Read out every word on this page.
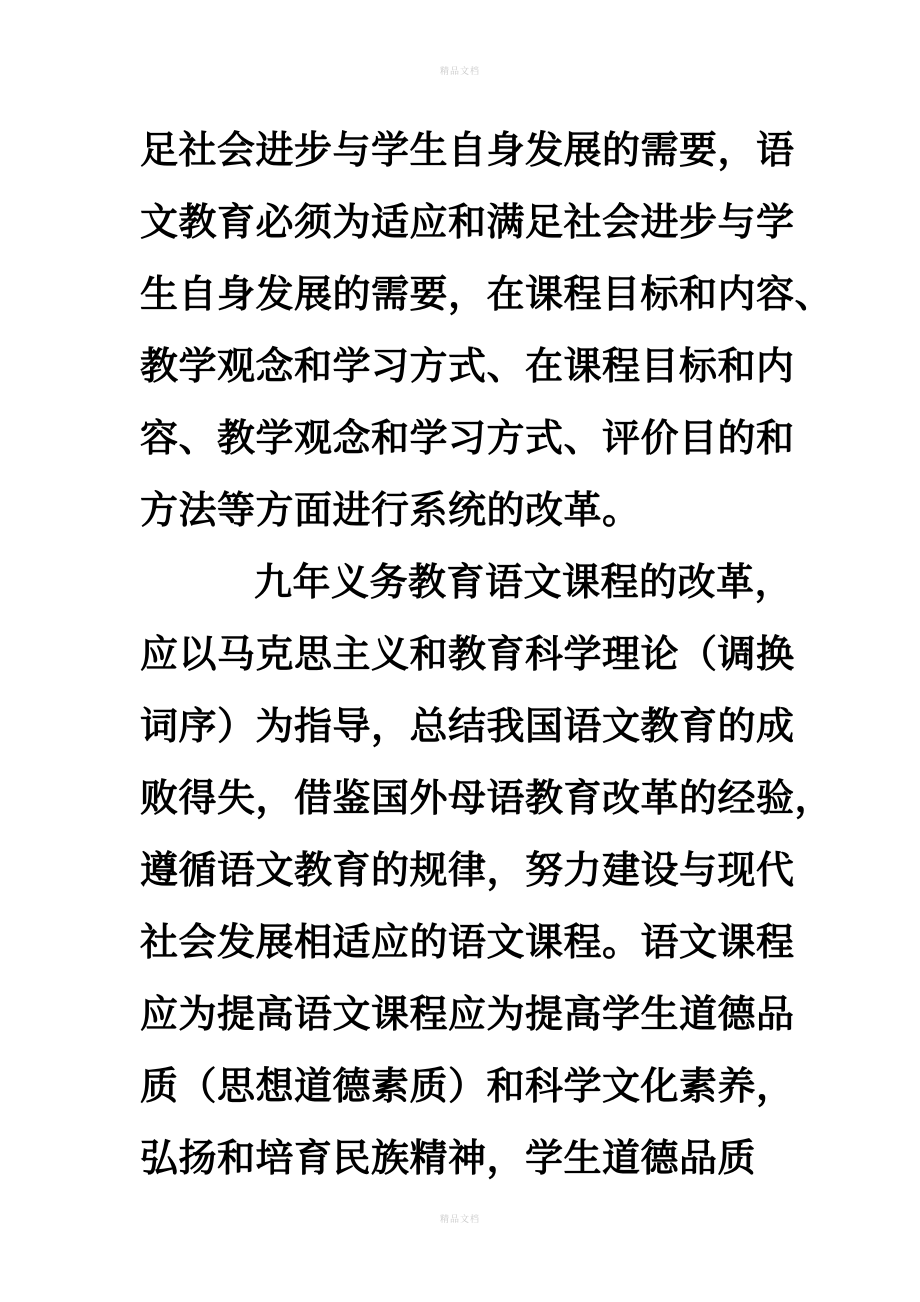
精品文档
足社会进步与学生自身发展的需要，语
文教育必须为适应和满足社会进步与学
生自身发展的需要，在课程目标和内容、
教学观念和学习方式、在课程目标和内
容、教学观念和学习方式、评价目的和
方法等方面进行系统的改革。
九年义务教育语文课程的改革，
应以马克思主义和教育科学理论（调换
词序）为指导，总结我国语文教育的成
败得失，借鉴国外母语教育改革的经验，
遵循语文教育的规律，努力建设与现代
社会发展相适应的语文课程。语文课程
应为提高语文课程应为提高学生道德品
质（思想道德素质）和科学文化素养，
弘扬和培育民族精神，学生道德品质
精品文档
